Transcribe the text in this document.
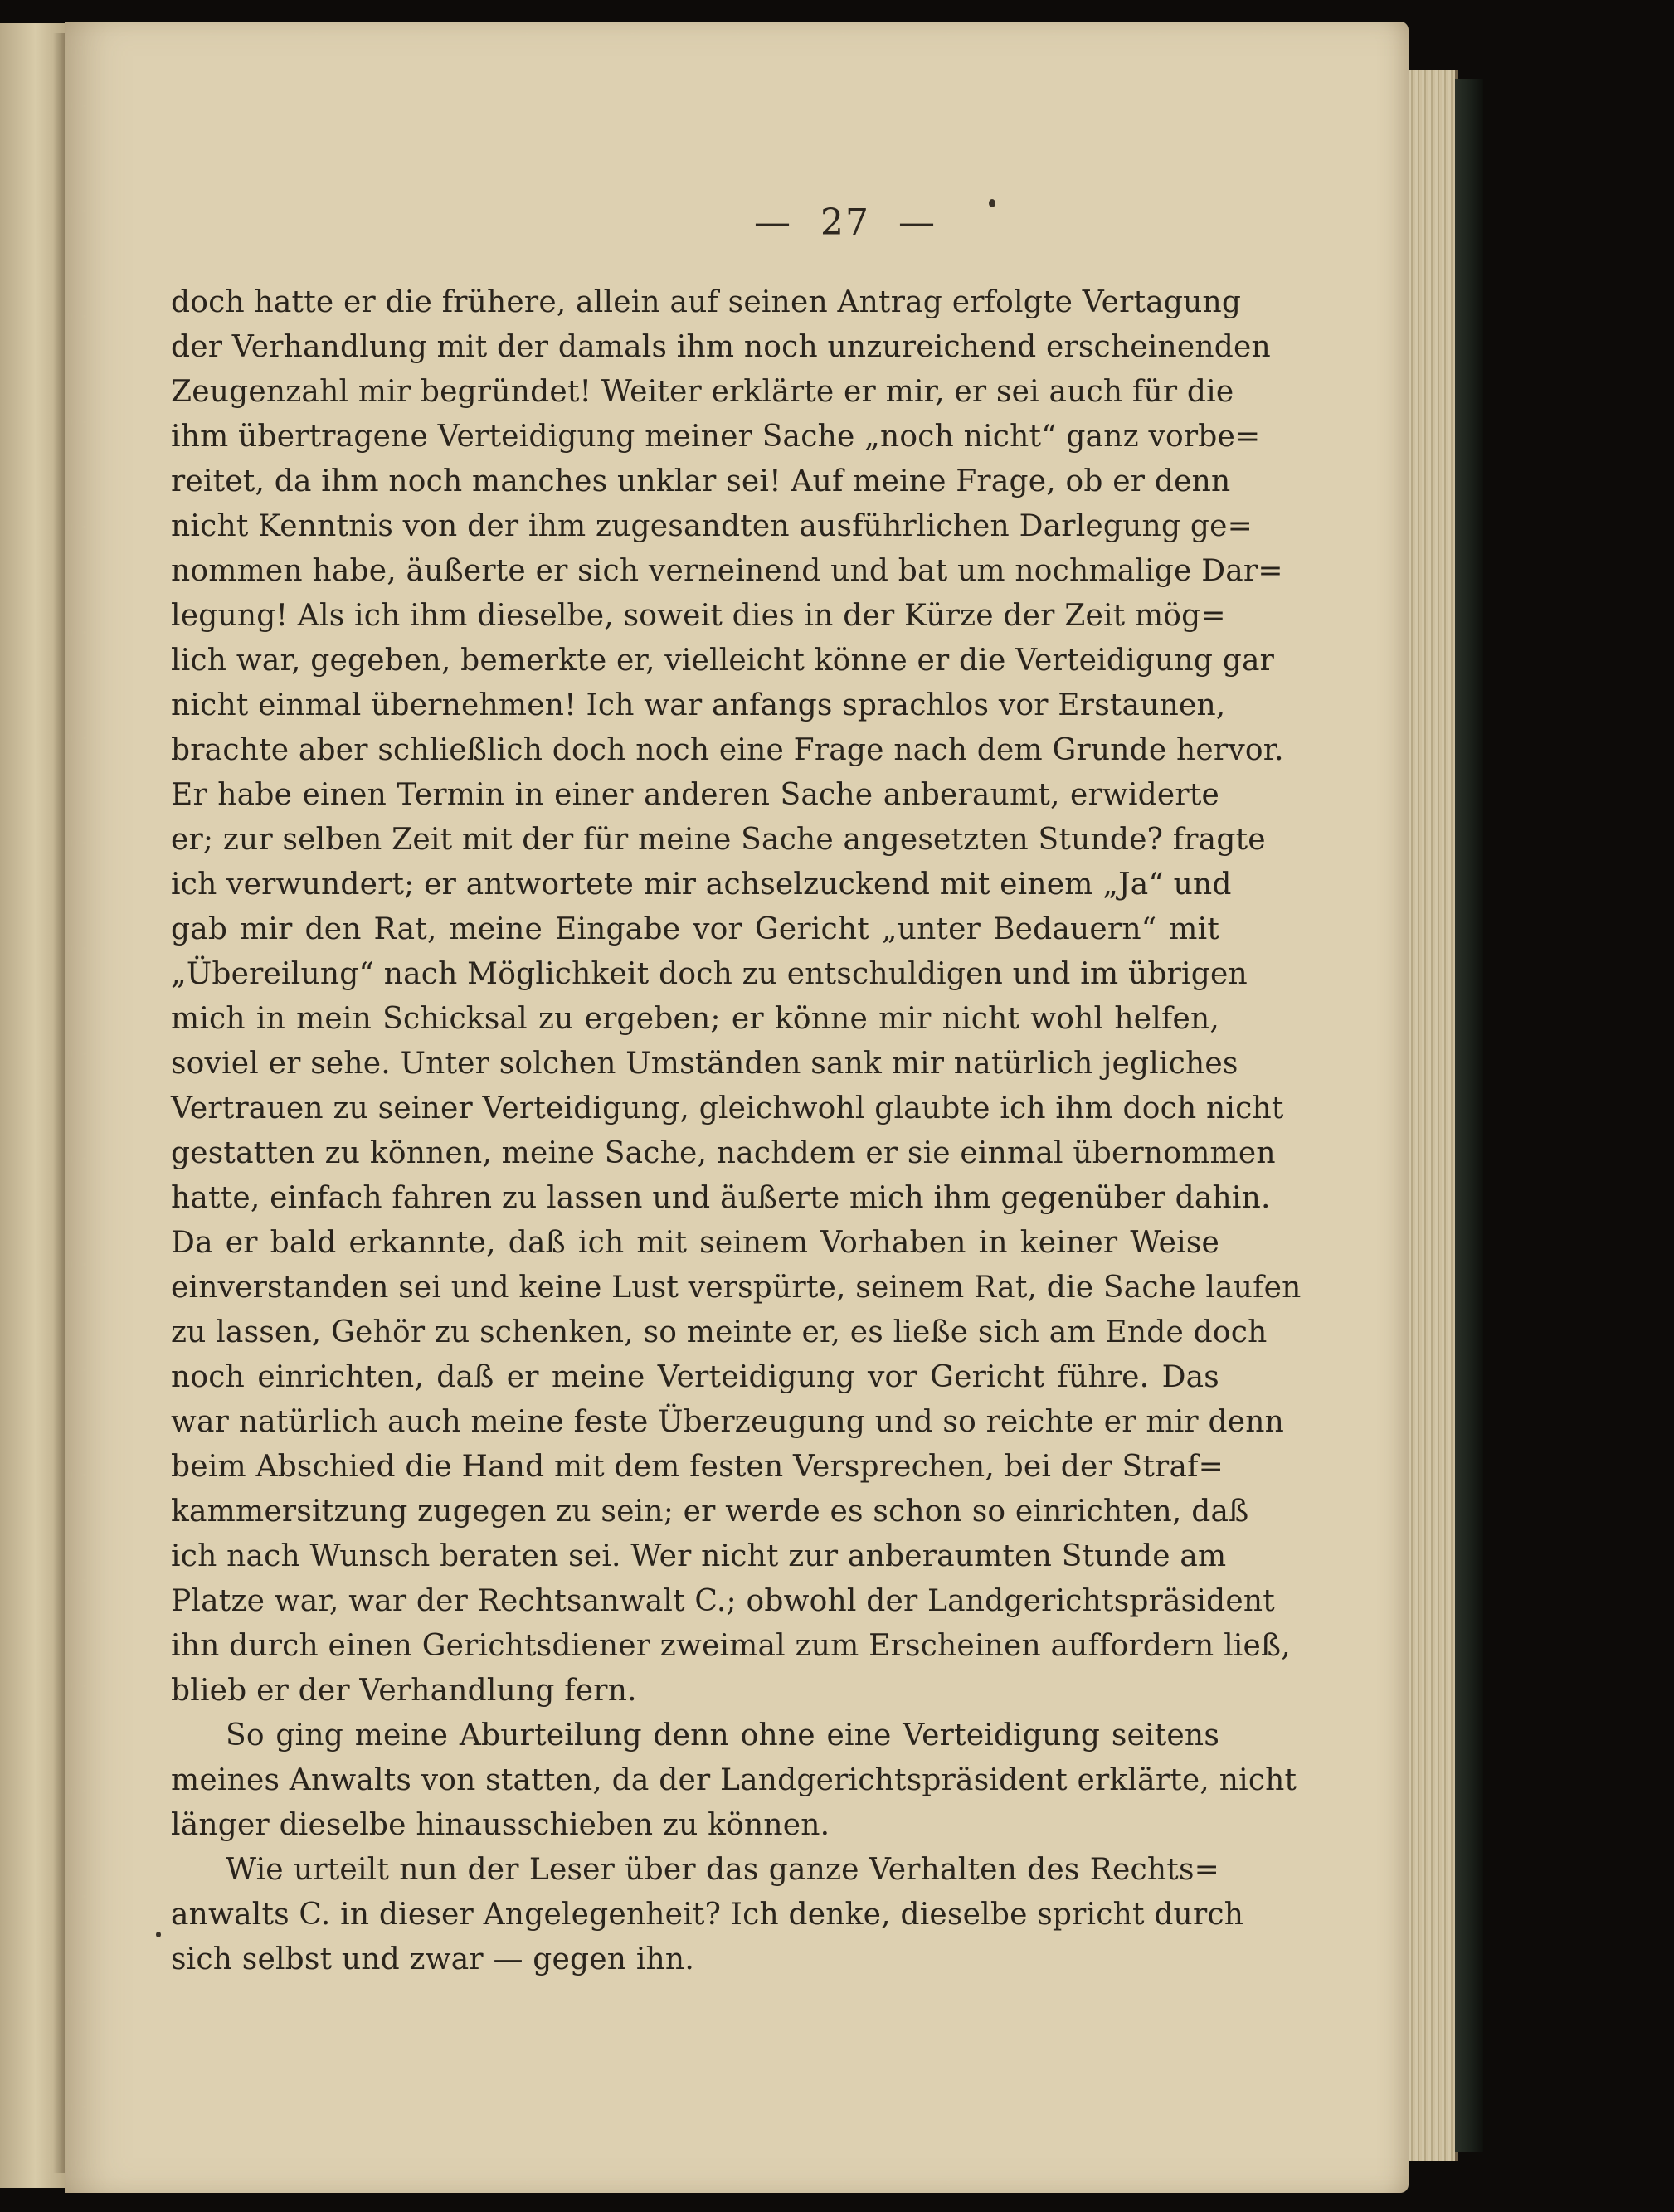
— 27 —
doch hatte er die frühere, allein auf seinen Antrag erfolgte Vertagung
der Verhandlung mit der damals ihm noch unzureichend erscheinenden
Zeugenzahl mir begründet! Weiter erklärte er mir, er sei auch für die
ihm übertragene Verteidigung meiner Sache „noch nicht“ ganz vorbe=
reitet, da ihm noch manches unklar sei! Auf meine Frage, ob er denn
nicht Kenntnis von der ihm zugesandten ausführlichen Darlegung ge=
nommen habe, äußerte er sich verneinend und bat um nochmalige Dar=
legung! Als ich ihm dieselbe, soweit dies in der Kürze der Zeit mög=
lich war, gegeben, bemerkte er, vielleicht könne er die Verteidigung gar
nicht einmal übernehmen! Ich war anfangs sprachlos vor Erstaunen,
brachte aber schließlich doch noch eine Frage nach dem Grunde hervor.
Er habe einen Termin in einer anderen Sache anberaumt, erwiderte
er; zur selben Zeit mit der für meine Sache angesetzten Stunde? fragte
ich verwundert; er antwortete mir achselzuckend mit einem „Ja“ und
gab mir den Rat, meine Eingabe vor Gericht „unter Bedauern“ mit
„Übereilung“ nach Möglichkeit doch zu entschuldigen und im übrigen
mich in mein Schicksal zu ergeben; er könne mir nicht wohl helfen,
soviel er sehe. Unter solchen Umständen sank mir natürlich jegliches
Vertrauen zu seiner Verteidigung, gleichwohl glaubte ich ihm doch nicht
gestatten zu können, meine Sache, nachdem er sie einmal übernommen
hatte, einfach fahren zu lassen und äußerte mich ihm gegenüber dahin.
Da er bald erkannte, daß ich mit seinem Vorhaben in keiner Weise
einverstanden sei und keine Lust verspürte, seinem Rat, die Sache laufen
zu lassen, Gehör zu schenken, so meinte er, es ließe sich am Ende doch
noch einrichten, daß er meine Verteidigung vor Gericht führe. Das
war natürlich auch meine feste Überzeugung und so reichte er mir denn
beim Abschied die Hand mit dem festen Versprechen, bei der Straf=
kammersitzung zugegen zu sein; er werde es schon so einrichten, daß
ich nach Wunsch beraten sei. Wer nicht zur anberaumten Stunde am
Platze war, war der Rechtsanwalt C.; obwohl der Landgerichtspräsident
ihn durch einen Gerichtsdiener zweimal zum Erscheinen auffordern ließ,
blieb er der Verhandlung fern.
So ging meine Aburteilung denn ohne eine Verteidigung seitens
meines Anwalts von statten, da der Landgerichtspräsident erklärte, nicht
länger dieselbe hinausschieben zu können.
Wie urteilt nun der Leser über das ganze Verhalten des Rechts=
anwalts C. in dieser Angelegenheit? Ich denke, dieselbe spricht durch
sich selbst und zwar — gegen ihn.
